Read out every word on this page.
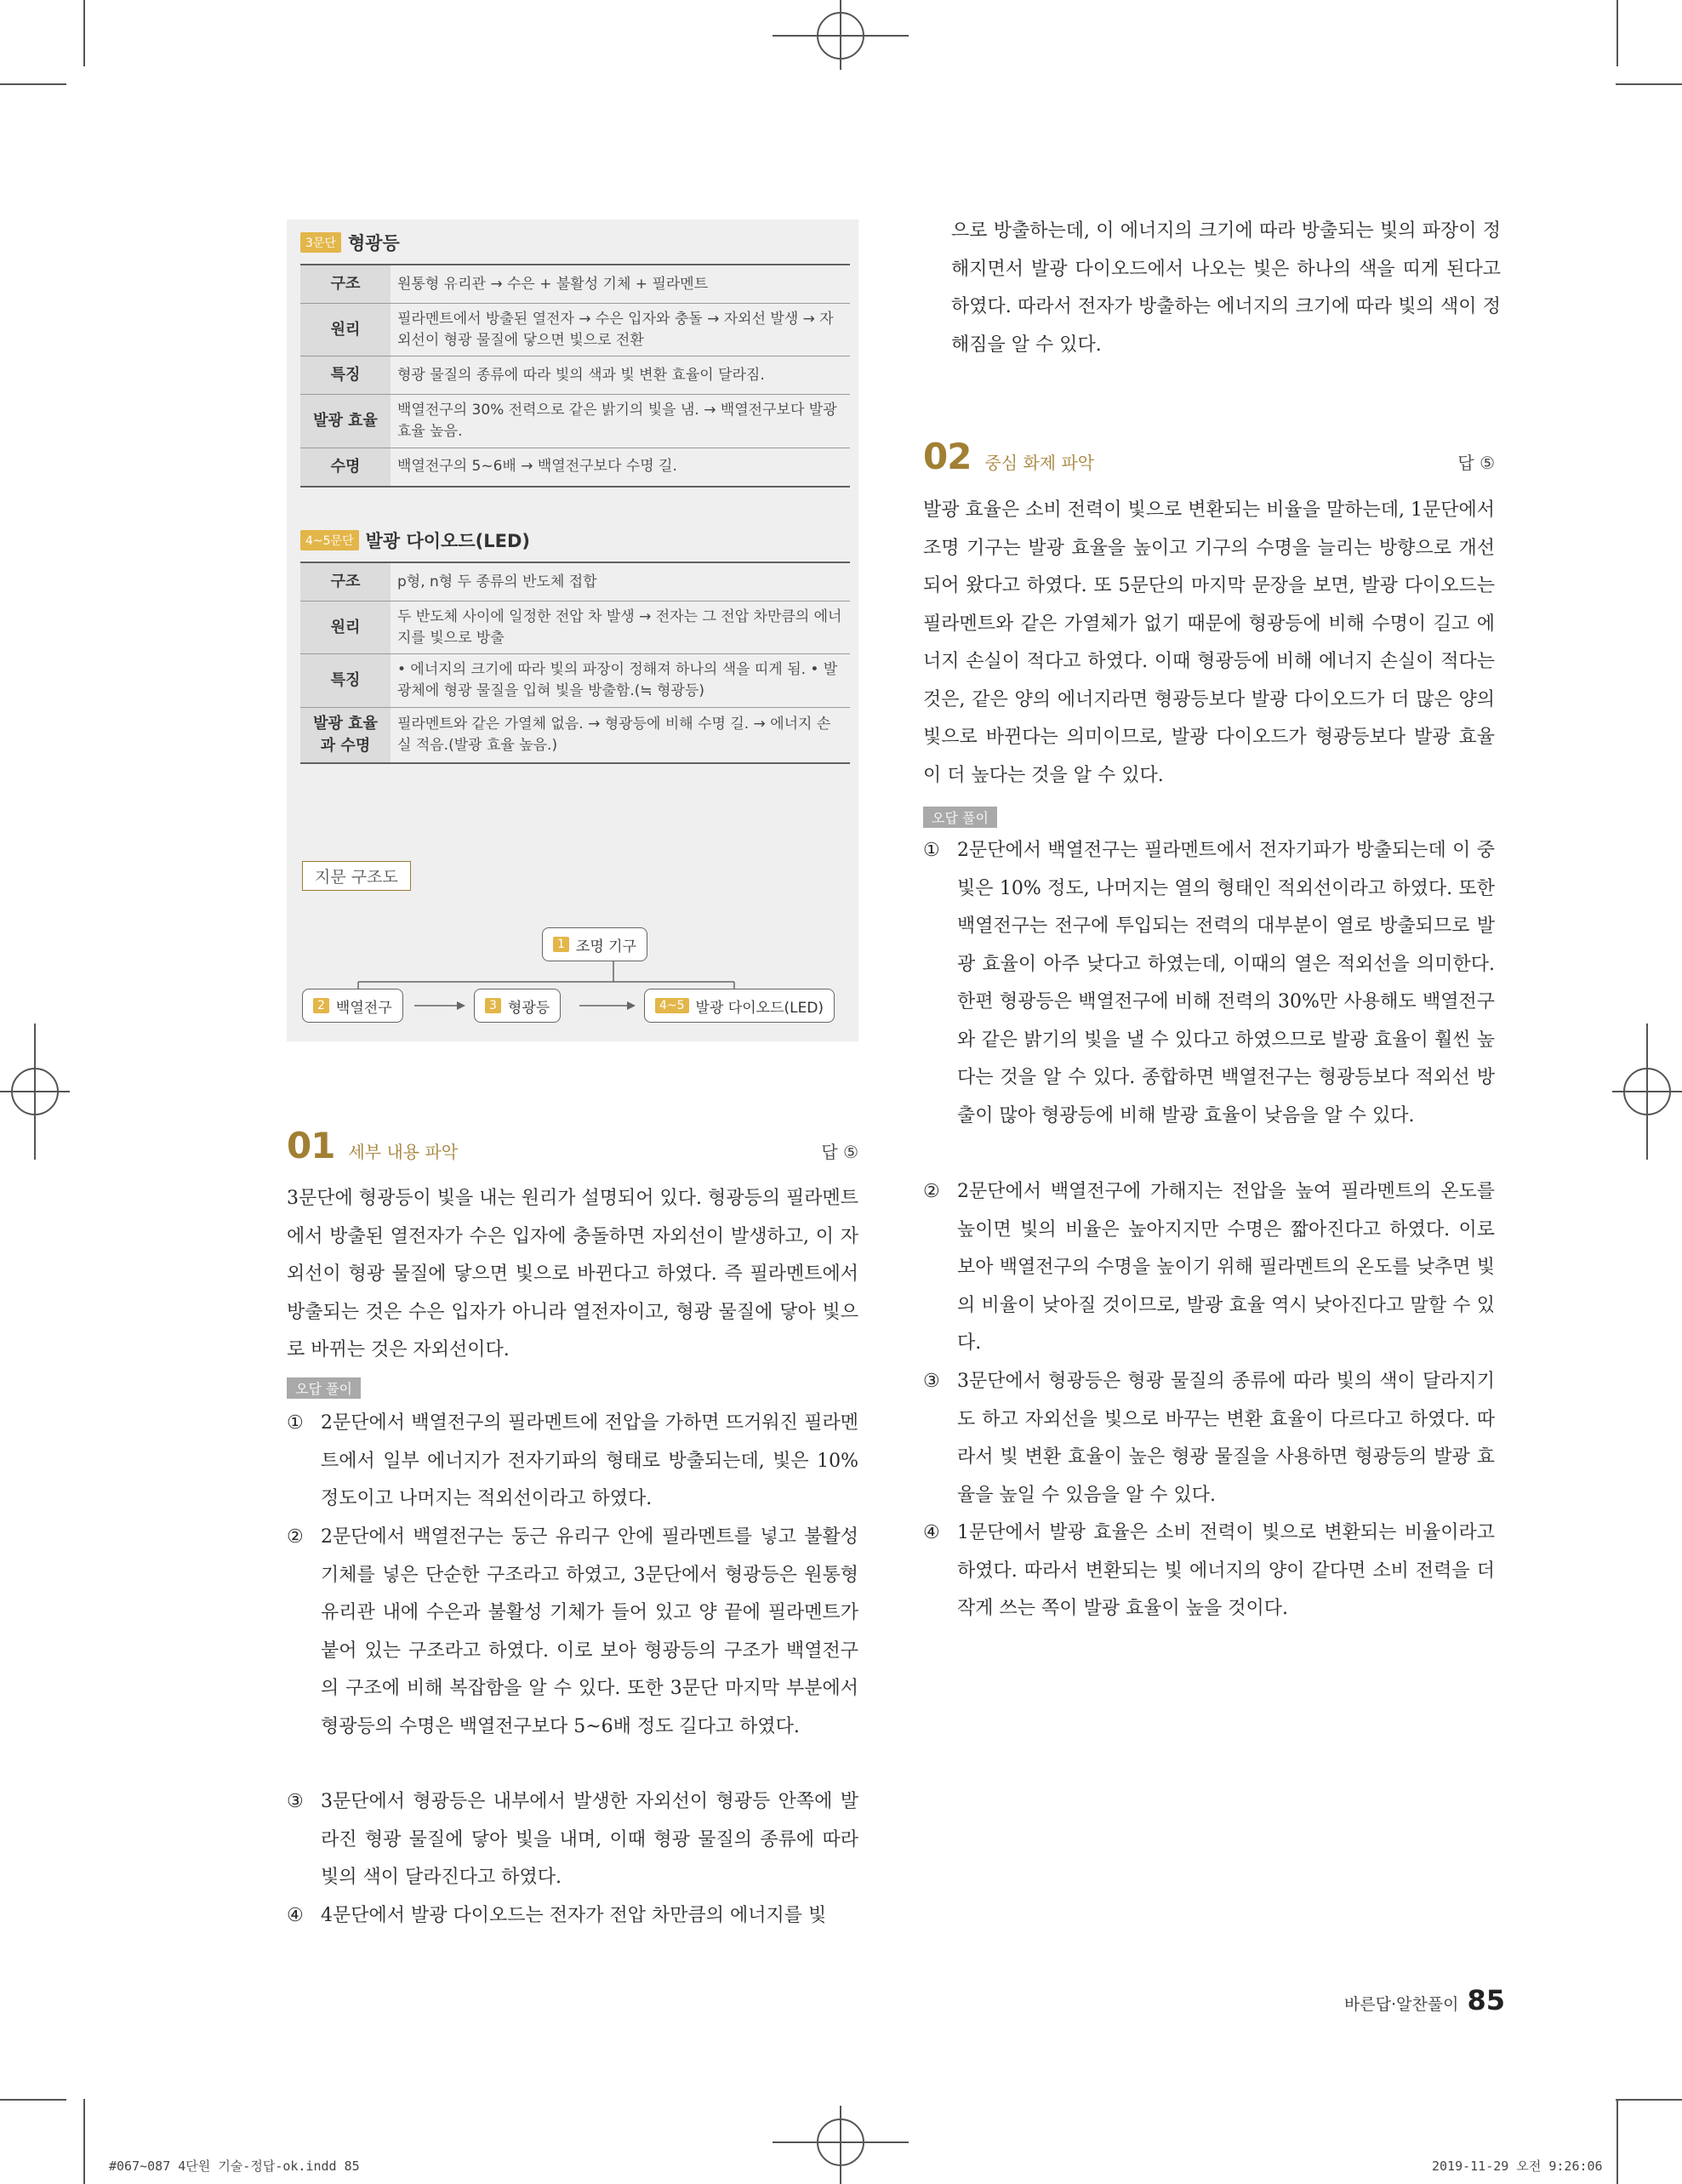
3문단 형광등
구조	원통형 유리관 → 수은 + 불활성 기체 + 필라멘트
원리	필라멘트에서 방출된 열전자 → 수은 입자와 충돌 → 자외선 발생 → 자외선이 형광 물질에 닿으면 빛으로 전환
특징	형광 물질의 종류에 따라 빛의 색과 빛 변환 효율이 달라짐.
발광 효율	백열전구의 30% 전력으로 같은 밝기의 빛을 냄. → 백열전구보다 발광 효율 높음.
수명	백열전구의 5~6배 → 백열전구보다 수명 길.
4~5문단 발광 다이오드(LED)
구조	p형, n형 두 종류의 반도체 접합
원리	두 반도체 사이에 일정한 전압 차 발생 → 전자는 그 전압 차만큼의 에너지를 빛으로 방출
특징	• 에너지의 크기에 따라 빛의 파장이 정해져 하나의 색을 띠게 됨. • 발광체에 형광 물질을 입혀 빛을 방출함.(≒ 형광등)
발광 효율과 수명	필라멘트와 같은 가열체 없음. → 형광등에 비해 수명 길. → 에너지 손실 적음.(발광 효율 높음.)
지문 구조도
1 조명 기구
2 백열전구	3 형광등	4~5 발광 다이오드(LED)
01 세부 내용 파악	답 ⑤

3문단에 형광등이 빛을 내는 원리가 설명되어 있다. 형광등의 필라멘트에서 방출된 열전자가 수은 입자에 충돌하면 자외선이 발생하고, 이 자외선이 형광 물질에 닿으면 빛으로 바뀐다고 하였다. 즉 필라멘트에서 방출되는 것은 수은 입자가 아니라 열전자이고, 형광 물질에 닿아 빛으로 바뀌는 것은 자외선이다.

오답 풀이
① 2문단에서 백열전구의 필라멘트에 전압을 가하면 뜨거워진 필라멘트에서 일부 에너지가 전자기파의 형태로 방출되는데, 빛은 10% 정도이고 나머지는 적외선이라고 하였다.

② 2문단에서 백열전구는 둥근 유리구 안에 필라멘트를 넣고 불활성 기체를 넣은 단순한 구조라고 하였고, 3문단에서 형광등은 원통형 유리관 내에 수은과 불활성 기체가 들어 있고 양 끝에 필라멘트가 붙어 있는 구조라고 하였다. 이로 보아 형광등의 구조가 백열전구의 구조에 비해 복잡함을 알 수 있다. 또한 3문단 마지막 부분에서 형광등의 수명은 백열전구보다 5~6배 정도 길다고 하였다.

③ 3문단에서 형광등은 내부에서 발생한 자외선이 형광등 안쪽에 발라진 형광 물질에 닿아 빛을 내며, 이때 형광 물질의 종류에 따라 빛의 색이 달라진다고 하였다.

④ 4문단에서 발광 다이오드는 전자가 전압 차만큼의 에너지를 빛

으로 방출하는데, 이 에너지의 크기에 따라 방출되는 빛의 파장이 정해지면서 발광 다이오드에서 나오는 빛은 하나의 색을 띠게 된다고 하였다. 따라서 전자가 방출하는 에너지의 크기에 따라 빛의 색이 정해짐을 알 수 있다.

02 중심 화제 파악	답 ⑤

발광 효율은 소비 전력이 빛으로 변환되는 비율을 말하는데, 1문단에서 조명 기구는 발광 효율을 높이고 기구의 수명을 늘리는 방향으로 개선되어 왔다고 하였다. 또 5문단의 마지막 문장을 보면, 발광 다이오드는 필라멘트와 같은 가열체가 없기 때문에 형광등에 비해 수명이 길고 에너지 손실이 적다고 하였다. 이때 형광등에 비해 에너지 손실이 적다는 것은, 같은 양의 에너지라면 형광등보다 발광 다이오드가 더 많은 양의 빛으로 바뀐다는 의미이므로, 발광 다이오드가 형광등보다 발광 효율이 더 높다는 것을 알 수 있다.

오답 풀이
① 2문단에서 백열전구는 필라멘트에서 전자기파가 방출되는데 이 중 빛은 10% 정도, 나머지는 열의 형태인 적외선이라고 하였다. 또한 백열전구는 전구에 투입되는 전력의 대부분이 열로 방출되므로 발광 효율이 아주 낮다고 하였는데, 이때의 열은 적외선을 의미한다. 한편 형광등은 백열전구에 비해 전력의 30%만 사용해도 백열전구와 같은 밝기의 빛을 낼 수 있다고 하였으므로 발광 효율이 훨씬 높다는 것을 알 수 있다. 종합하면 백열전구는 형광등보다 적외선 방출이 많아 형광등에 비해 발광 효율이 낮음을 알 수 있다.

② 2문단에서 백열전구에 가해지는 전압을 높여 필라멘트의 온도를 높이면 빛의 비율은 높아지지만 수명은 짧아진다고 하였다. 이로 보아 백열전구의 수명을 높이기 위해 필라멘트의 온도를 낮추면 빛의 비율이 낮아질 것이므로, 발광 효율 역시 낮아진다고 말할 수 있다.

③ 3문단에서 형광등은 형광 물질의 종류에 따라 빛의 색이 달라지기도 하고 자외선을 빛으로 바꾸는 변환 효율이 다르다고 하였다. 따라서 빛 변환 효율이 높은 형광 물질을 사용하면 형광등의 발광 효율을 높일 수 있음을 알 수 있다.

④ 1문단에서 발광 효율은 소비 전력이 빛으로 변환되는 비율이라고 하였다. 따라서 변환되는 빛 에너지의 양이 같다면 소비 전력을 더 작게 쓰는 쪽이 발광 효율이 높을 것이다.

바른답·알찬풀이 85
#067~087 4단원 기술-정답-ok.indd 85	2019-11-29 오전 9:26:06
